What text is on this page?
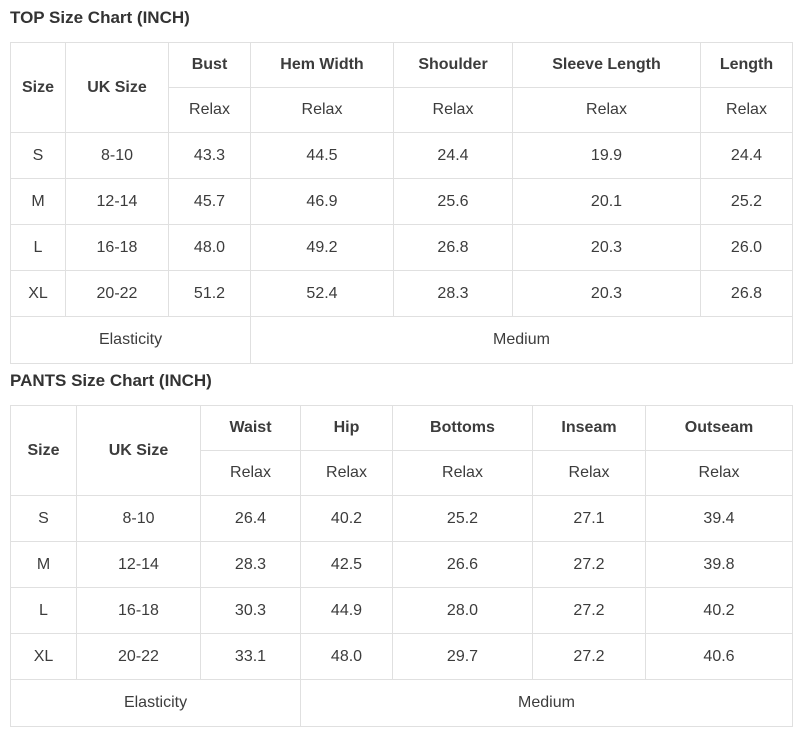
TOP Size Chart (INCH)
Size	UK Size	Bust	Hem Width	Shoulder	Sleeve Length	Length
		Relax	Relax	Relax	Relax	Relax
S	8-10	43.3	44.5	24.4	19.9	24.4
M	12-14	45.7	46.9	25.6	20.1	25.2
L	16-18	48.0	49.2	26.8	20.3	26.0
XL	20-22	51.2	52.4	28.3	20.3	26.8
Elasticity			Medium			
PANTS Size Chart (INCH)
Size	UK Size	Waist	Hip	Bottoms	Inseam	Outseam
		Relax	Relax	Relax	Relax	Relax
S	8-10	26.4	40.2	25.2	27.1	39.4
M	12-14	28.3	42.5	26.6	27.2	39.8
L	16-18	30.3	44.9	28.0	27.2	40.2
XL	20-22	33.1	48.0	29.7	27.2	40.6
Elasticity			Medium			
